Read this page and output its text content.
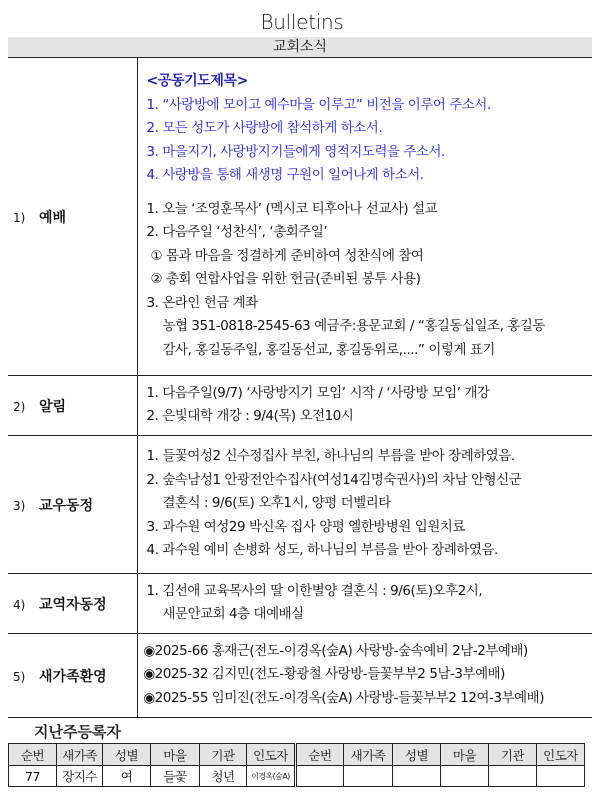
Bulletins
교회소식
1) 예배	
<공동기도제목>
1. “사랑방에 모이고 예수마을 이루고” 비전을 이루어 주소서.
2. 모든 성도가 사랑방에 참석하게 하소서.
3. 마을지기, 사랑방지기들에게 영적지도력을 주소서.
4. 사랑방을 통해 새생명 구원이 일어나게 하소서.
1. 오늘 ‘조영훈목사’ (멕시코 티후아나 선교사) 설교
2. 다음주일 ‘성찬식’, ‘총회주일’
① 몸과 마음을 정결하게 준비하여 성찬식에 참여
② 총회 연합사업을 위한 헌금(준비된 봉투 사용)
3. 온라인 헌금 계좌
농협 351-0818-2545-63 예금주:용문교회 / “홍길동십일조, 홍길동
감사, 홍길동주일, 홍길동선교, 홍길동위로,....” 이렇게 표기

2) 알림	1. 다음주일(9/7) ‘사랑방지기 모임’ 시작 / ‘사랑방 모임’ 개강
2. 은빛대학 개강 : 9/4(목) 오전10시

3) 교우동정	1. 들꽃여성2 신수정집사 부친, 하나님의 부름을 받아 장례하였음.
2. 숲속남성1 안광전안수집사(여성14김명숙권사)의 차남 안형신군
결혼식 : 9/6(토) 오후1시, 양평 더벨리타
3. 과수원 여성29 박신옥 집사 양평 엘한방병원 입원치료
4. 과수원 예비 손병화 성도, 하나님의 부름을 받아 장례하였음.

4) 교역자동정	1. 김선애 교육목사의 딸 이한별양 결혼식 : 9/6(토)오후2시,
새문안교회 4층 대예배실

5) 새가족환영	◉2025-66 홍재근(전도-이경옥(숲A) 사랑방-숲속예비 2남-2부예배)
◉2025-32 김지민(전도-황광철 사랑방-들꽃부부2 5남-3부예배)
◉2025-55 임미진(전도-이경옥(숲A) 사랑방-들꽃부부2 12여-3부예배)
지난주등록자
순번	새가족	성별	마을	기관	인도자	순번	새가족	성별	마을	기관	인도자
77	장지수	여	들꽃	청년	이경옥(숲A)						
